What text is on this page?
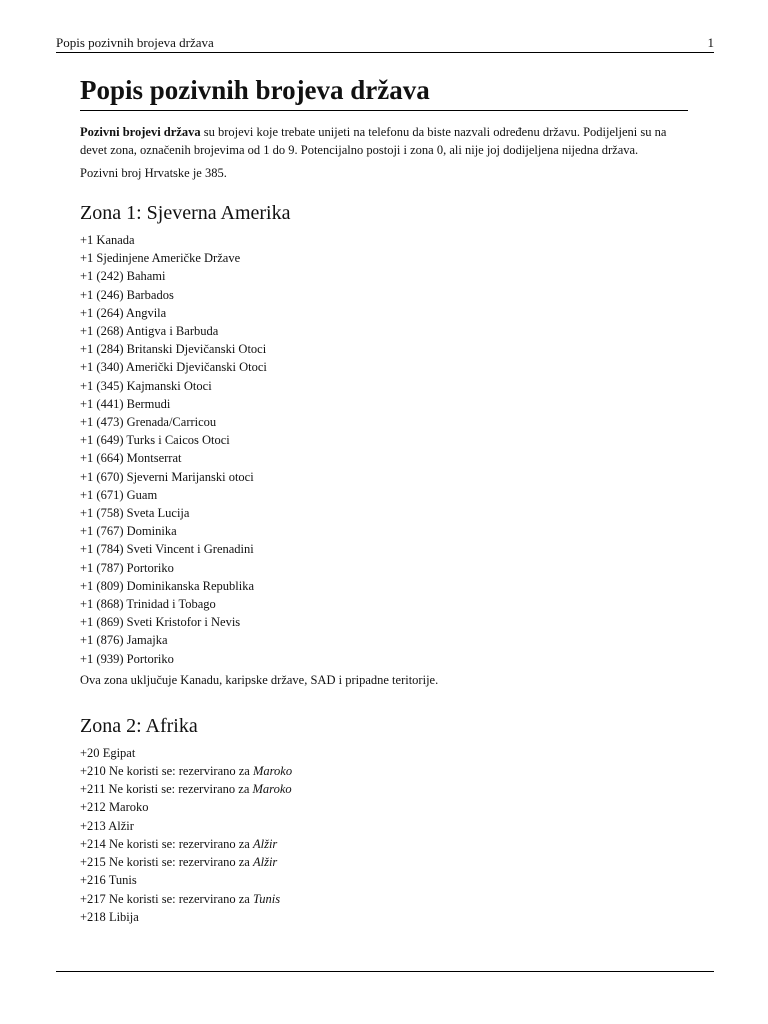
Popis pozivnih brojeva država	1
Popis pozivnih brojeva država

Pozivni brojevi država su brojevi koje trebate unijeti na telefonu da biste nazvali određenu državu. Podijeljeni su na devet zona, označenih brojevima od 1 do 9. Potencijalno postoji i zona 0, ali nije joj dodijeljena nijedna država.

Pozivni broj Hrvatske je 385.

Zona 1: Sjeverna Amerika
+1 Kanada
+1 Sjedinjene Američke Države
+1 (242) Bahami
+1 (246) Barbados
+1 (264) Angvila
+1 (268) Antigva i Barbuda
+1 (284) Britanski Djevičanski Otoci
+1 (340) Američki Djevičanski Otoci
+1 (345) Kajmanski Otoci
+1 (441) Bermudi
+1 (473) Grenada/Carricou
+1 (649) Turks i Caicos Otoci
+1 (664) Montserrat
+1 (670) Sjeverni Marijanski otoci
+1 (671) Guam
+1 (758) Sveta Lucija
+1 (767) Dominika
+1 (784) Sveti Vincent i Grenadini
+1 (787) Portoriko
+1 (809) Dominikanska Republika
+1 (868) Trinidad i Tobago
+1 (869) Sveti Kristofor i Nevis
+1 (876) Jamajka
+1 (939) Portoriko

Ova zona uključuje Kanadu, karipske države, SAD i pripadne teritorije.

Zona 2: Afrika
+20 Egipat
+210 Ne koristi se: rezervirano za Maroko
+211 Ne koristi se: rezervirano za Maroko
+212 Maroko
+213 Alžir
+214 Ne koristi se: rezervirano za Alžir
+215 Ne koristi se: rezervirano za Alžir
+216 Tunis
+217 Ne koristi se: rezervirano za Tunis
+218 Libija
